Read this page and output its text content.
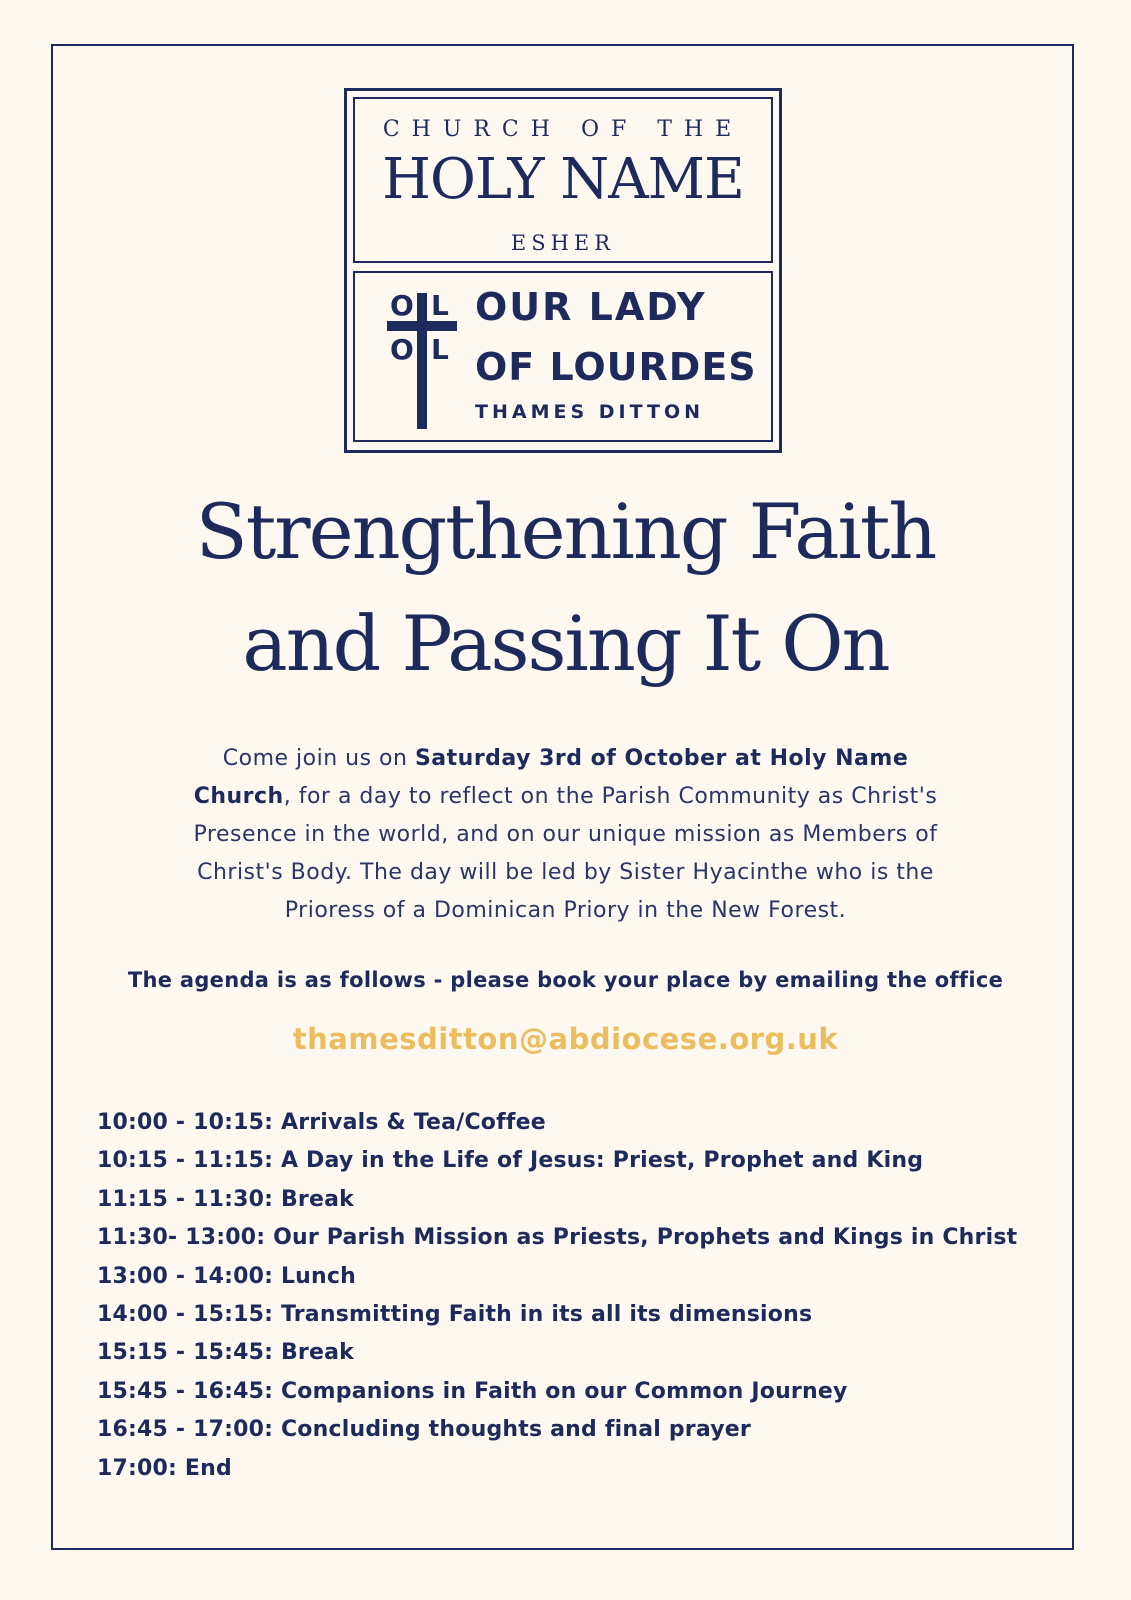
CHURCH OF THE
HOLY NAME
ESHER
O L
O L
OUR LADY
OF LOURDES
THAMES DITTON
Strengthening Faith
and Passing It On

Come join us on Saturday 3rd of October at Holy Name Church, for a day to reflect on the Parish Community as Christ's Presence in the world, and on our unique mission as Members of Christ's Body. The day will be led by Sister Hyacinthe who is the Prioress of a Dominican Priory in the New Forest.

The agenda is as follows - please book your place by emailing the office
thamesditton@abdiocese.org.uk
10:00 - 10:15: Arrivals & Tea/Coffee
10:15 - 11:15: A Day in the Life of Jesus: Priest, Prophet and King
11:15 - 11:30: Break
11:30- 13:00: Our Parish Mission as Priests, Prophets and Kings in Christ
13:00 - 14:00: Lunch
14:00 - 15:15: Transmitting Faith in its all its dimensions
15:15 - 15:45: Break
15:45 - 16:45: Companions in Faith on our Common Journey
16:45 - 17:00: Concluding thoughts and final prayer
17:00: End
